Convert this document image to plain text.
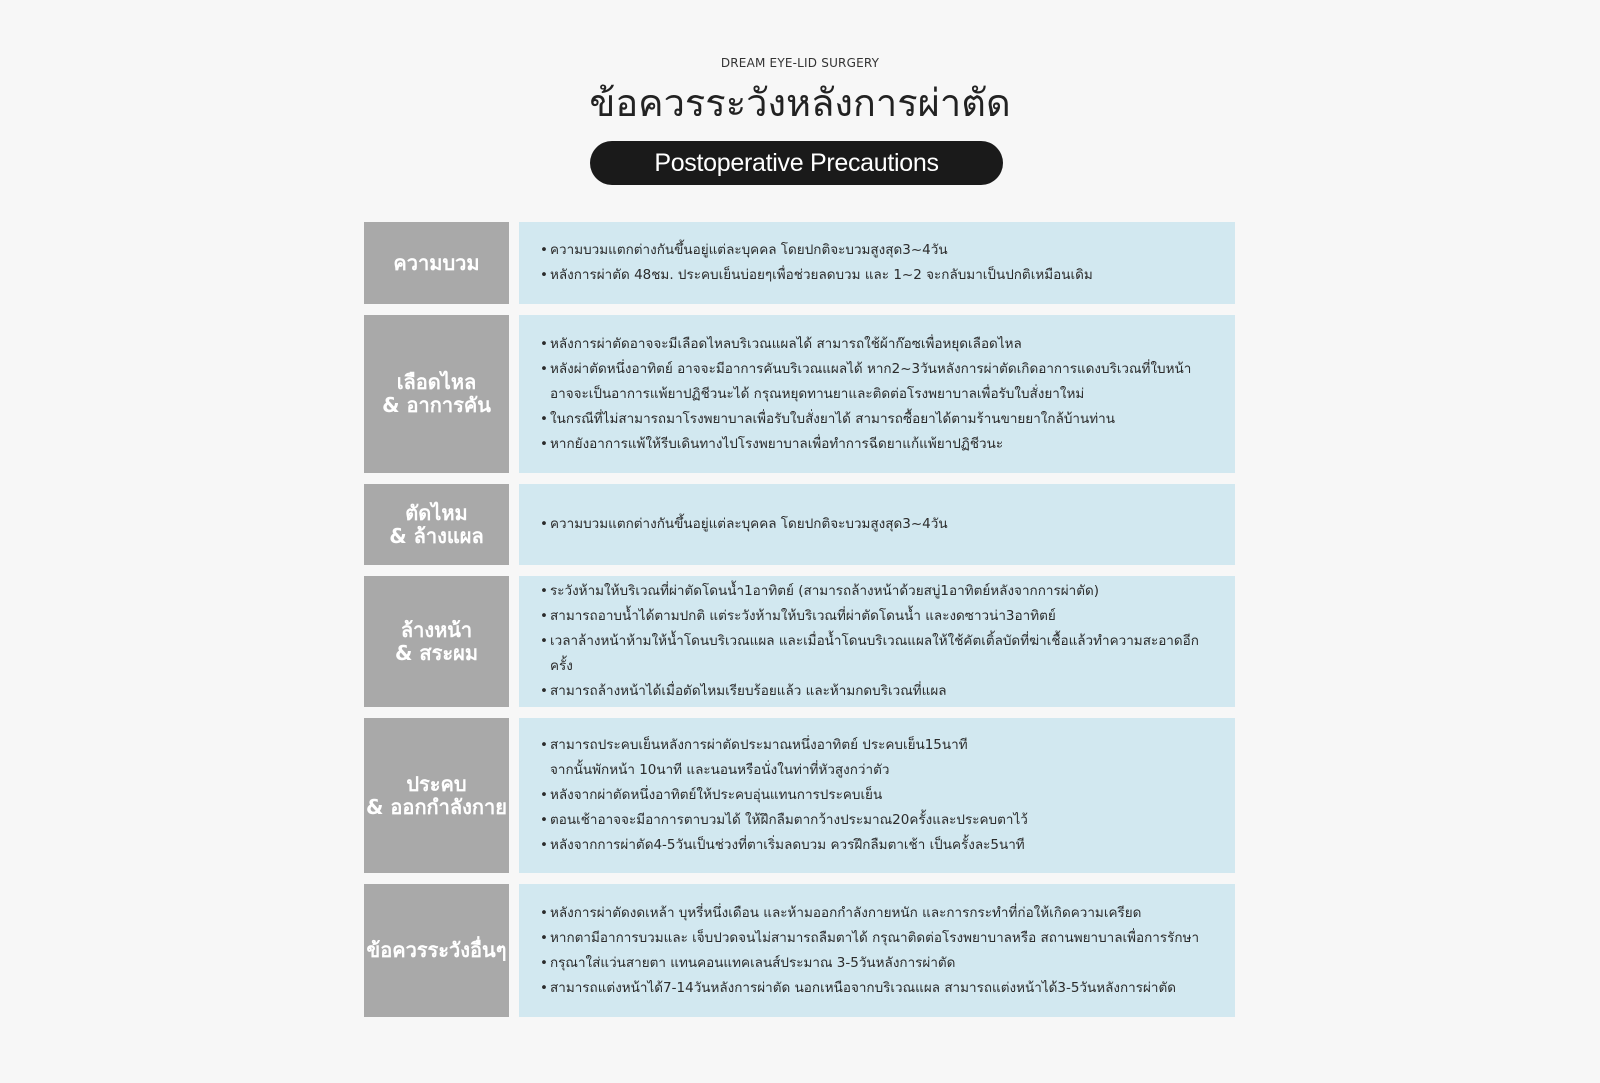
DREAM EYE-LID SURGERY
ข้อควรระวังหลังการผ่าตัด
Postoperative Precautions
ความบวม
• ความบวมแตกต่างกันขึ้นอยู่แต่ละบุคคล โดยปกติจะบวมสูงสุด3~4วัน
• หลังการผ่าตัด 48ชม. ประคบเย็นบ่อยๆเพื่อช่วยลดบวม และ 1~2 จะกลับมาเป็นปกติเหมือนเดิม
เลือดไหล
& อาการคัน
• หลังการผ่าตัดอาจจะมีเลือดไหลบริเวณแผลได้ สามารถใช้ผ้าก๊อซเพื่อหยุดเลือดไหล
• หลังผ่าตัดหนึ่งอาทิตย์ อาจจะมีอาการคันบริเวณแผลได้ หาก2~3วันหลังการผ่าตัดเกิดอาการแดงบริเวณที่ใบหน้า
อาจจะเป็นอาการแพ้ยาปฏิชีวนะได้ กรุณหยุดทานยาและติดต่อโรงพยาบาลเพื่อรับใบสั่งยาใหม่
• ในกรณีที่ไม่สามารถมาโรงพยาบาลเพื่อรับใบสั่งยาได้ สามารถซื้อยาได้ตามร้านขายยาใกล้บ้านท่าน
• หากยังอาการแพ้ให้รีบเดินทางไปโรงพยาบาลเพื่อทำการฉีดยาแก้แพ้ยาปฏิชีวนะ
ตัดไหม
& ล้างแผล
•	ความบวมแตกต่างกันขึ้นอยู่แต่ละบุคคล โดยปกติจะบวมสูงสุด3~4วัน
ล้างหน้า
& สระผม
• ระวังห้ามให้บริเวณที่ผ่าตัดโดนน้ำ1อาทิตย์ (สามารถล้างหน้าด้วยสบู่1อาทิตย์หลังจากการผ่าตัด)
• สามารถอาบน้ำได้ตามปกติ แต่ระวังห้ามให้บริเวณที่ผ่าตัดโดนน้ำ และงดซาวน่า3อาทิตย์
• เวลาล้างหน้าห้ามให้น้ำโดนบริเวณแผล และเมื่อน้ำโดนบริเวณแผลให้ใช้คัตเติ้ลบัดที่ฆ่าเชื้อแล้วทำความสะอาดอีกครั้ง
• สามารถล้างหน้าได้เมื่อตัดไหมเรียบร้อยแล้ว และห้ามกดบริเวณที่แผล
ประคบ
& ออกกำลังกาย
• สามารถประคบเย็นหลังการผ่าตัดประมาณหนึ่งอาทิตย์ ประคบเย็น15นาที
จากนั้นพักหน้า 10นาที และนอนหรือนั่งในท่าที่หัวสูงกว่าตัว
• หลังจากผ่าตัดหนึ่งอาทิตย์ให้ประคบอุ่นแทนการประคบเย็น
• ตอนเช้าอาจจะมีอาการตาบวมได้ ให้ฝึกลืมตากว้างประมาณ20ครั้งและประคบตาไว้
• หลังจากการผ่าตัด4-5วันเป็นช่วงที่ตาเริ่มลดบวม ควรฝึกลืมตาเช้า เป็นครั้งละ5นาที
ข้อควรระวังอื่นๆ
• หลังการผ่าตัดงดเหล้า บุหรี่หนึ่งเดือน และห้ามออกกำลังกายหนัก และการกระทำที่ก่อให้เกิดความเครียด
• หากตามีอาการบวมและ เจ็บปวดจนไม่สามารถลืมตาได้ กรุณาติดต่อโรงพยาบาลหรือ สถานพยาบาลเพื่อการรักษา
• กรุณาใส่แว่นสายตา แทนคอนแทคเลนส์ประมาณ 3-5วันหลังการผ่าตัด
• สามารถแต่งหน้าได้7-14วันหลังการผ่าตัด นอกเหนือจากบริเวณแผล สามารถแต่งหน้าได้3-5วันหลังการผ่าตัด
